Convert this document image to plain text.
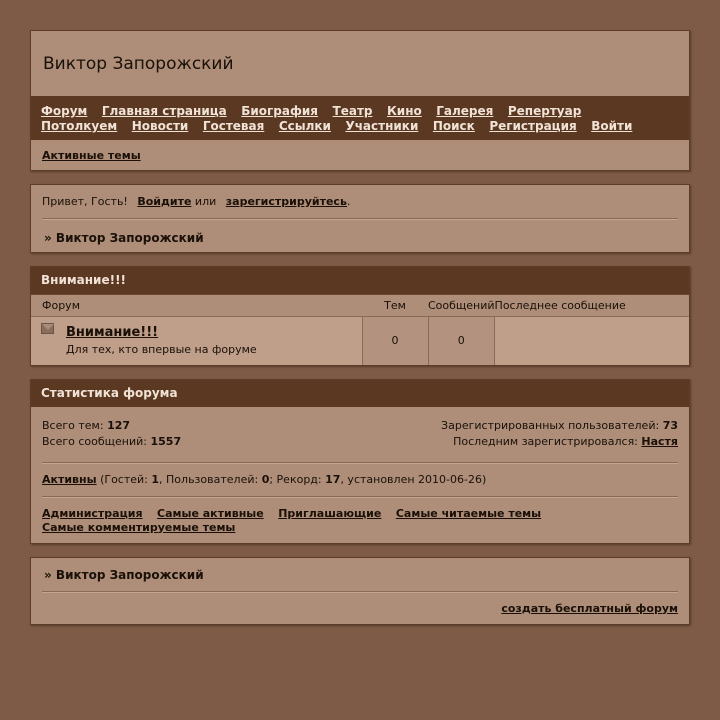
Виктор Запорожский
Форум Главная страница Биография Театр Кино Галерея Репертуар
Потолкуем Новости Гостевая Ссылки Участники Поиск Регистрация Войти
Активные темы
Привет, Гость! Войдите или зарегистрируйтесь.
» Виктор Запорожский
Внимание!!!
Форум	Тем	Сообщений	Последнее сообщение

Внимание!!!
Для тех, кто впервые на форуме	0	0	
Статистика форума
Всего тем: 127	Зарегистрированных пользователей: 73
Всего сообщений: 1557	Последним зарегистрировался: Настя
Активны (Гостей: 1, Пользователей: 0; Рекорд: 17, установлен 2010-06-26)
Администрация Самые активные Приглашающие Самые читаемые темы
Самые комментируемые темы
» Виктор Запорожский
создать бесплатный форум
